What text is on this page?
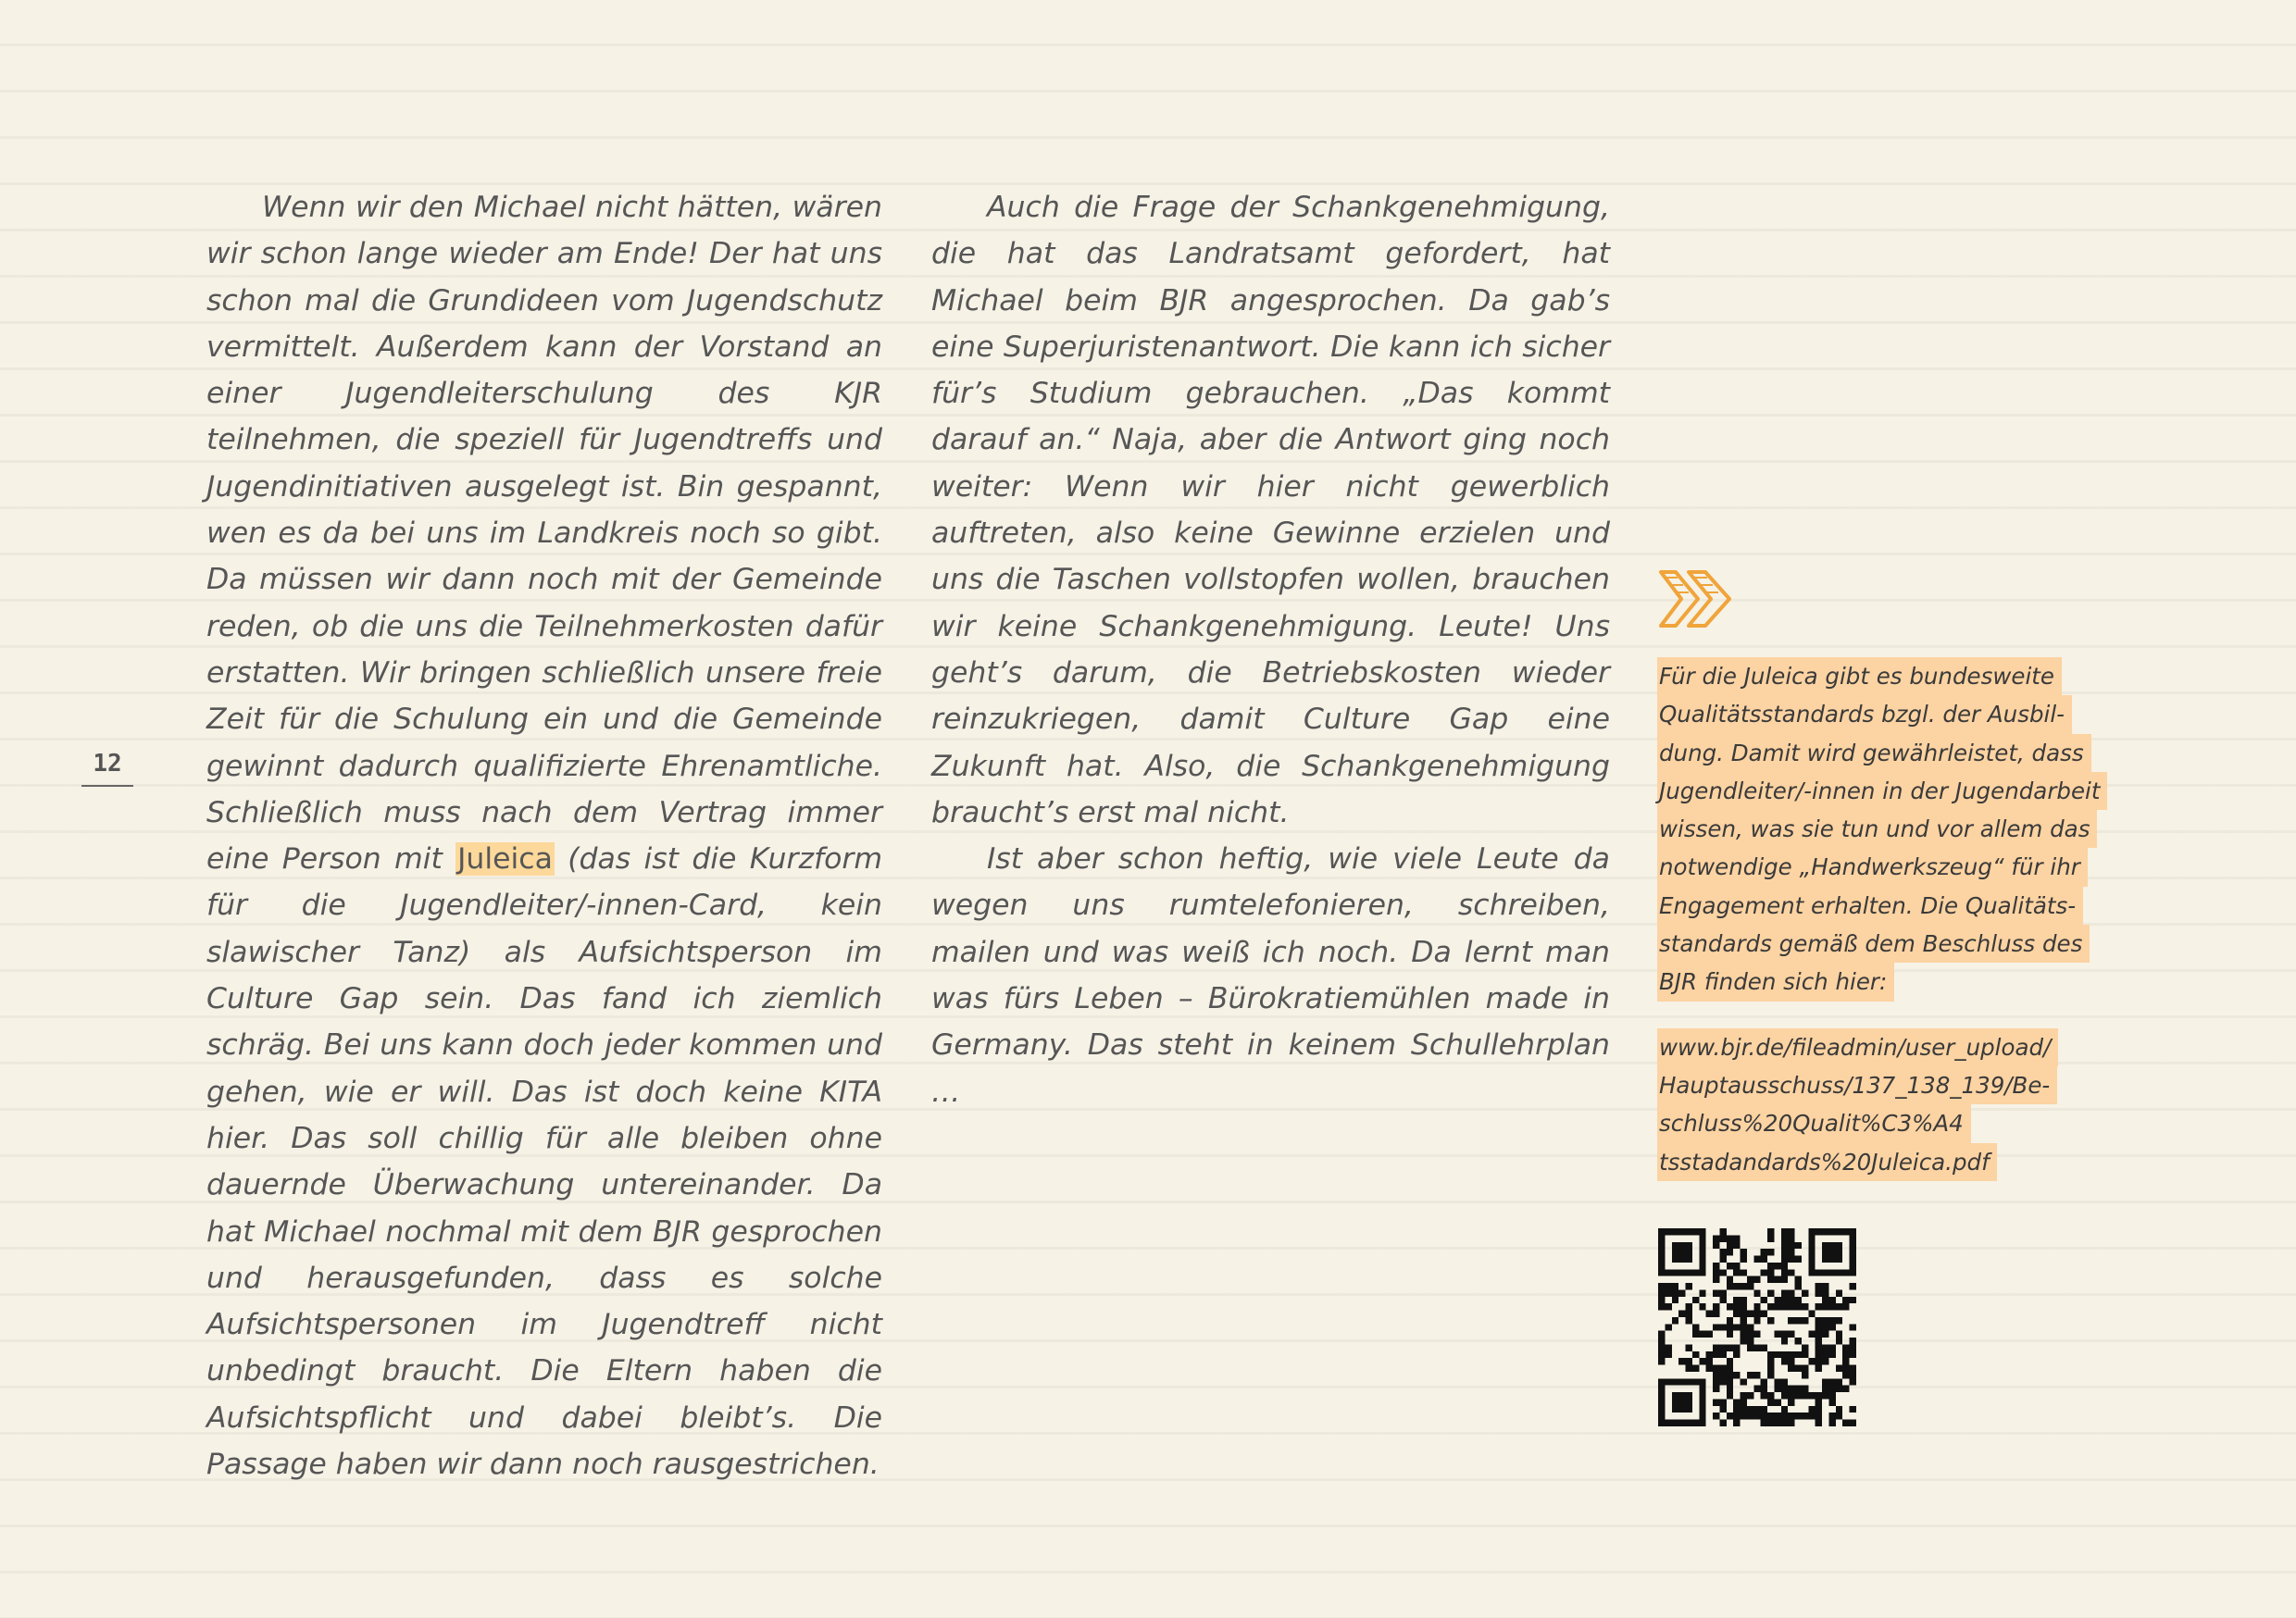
12

Wenn wir den Michael nicht hätten, wären wir schon lange wieder am Ende! Der hat uns schon mal die Grundideen vom Jugendschutz vermittelt. Außerdem kann der Vorstand an einer Jugendleiterschulung des KJR teilnehmen, die speziell für Jugendtreffs und Jugendinitiativen ausgelegt ist. Bin gespannt, wen es da bei uns im Landkreis noch so gibt. Da müssen wir dann noch mit der Gemeinde reden, ob die uns die Teilnehmerkosten dafür erstatten. Wir bringen schließlich unsere freie Zeit für die Schulung ein und die Gemeinde gewinnt dadurch qualifizierte Ehrenamtliche. Schließlich muss nach dem Vertrag immer eine Person mit Juleica (das ist die Kurzform für die Jugendleiter/-innen-Card, kein slawischer Tanz) als Aufsichtsperson im Culture Gap sein. Das fand ich ziemlich schräg. Bei uns kann doch jeder kommen und gehen, wie er will. Das ist doch keine KITA hier. Das soll chillig für alle bleiben ohne dauernde Überwachung untereinander. Da hat Michael nochmal mit dem BJR gesprochen und herausgefunden, dass es solche Aufsichtspersonen im Jugendtreff nicht unbedingt braucht. Die Eltern haben die Aufsichtspflicht und dabei bleibt’s. Die Passage haben wir dann noch rausgestrichen.

Auch die Frage der Schankgenehmigung, die hat das Landratsamt gefordert, hat Michael beim BJR angesprochen. Da gab’s eine Superjuristenantwort. Die kann ich sicher für’s Studium gebrauchen. „Das kommt darauf an.“ Naja, aber die Antwort ging noch weiter: Wenn wir hier nicht gewerblich auftreten, also keine Gewinne erzielen und uns die Taschen vollstopfen wollen, brauchen wir keine Schankgenehmigung. Leute! Uns geht’s darum, die Betriebskosten wieder reinzukriegen, damit Culture Gap eine Zukunft hat. Also, die Schankgenehmigung braucht’s erst mal nicht.

Ist aber schon heftig, wie viele Leute da wegen uns rumtelefonieren, schreiben, mailen und was weiß ich noch. Da lernt man was fürs Leben – Bürokratiemühlen made in Germany. Das steht in keinem Schullehrplan …

Für die Juleica gibt es bundesweite
Qualitätsstandards bzgl. der Ausbil-
dung. Damit wird gewährleistet, dass
Jugendleiter/-innen in der Jugendarbeit
wissen, was sie tun und vor allem das
notwendige „Handwerkszeug“ für ihr
Engagement erhalten. Die Qualitäts-
standards gemäß dem Beschluss des
BJR finden sich hier:

www.bjr.de/fileadmin/user_upload/
Hauptausschuss/137_138_139/Be-
schluss%20Qualit%C3%A4
tsstadandards%20Juleica.pdf
